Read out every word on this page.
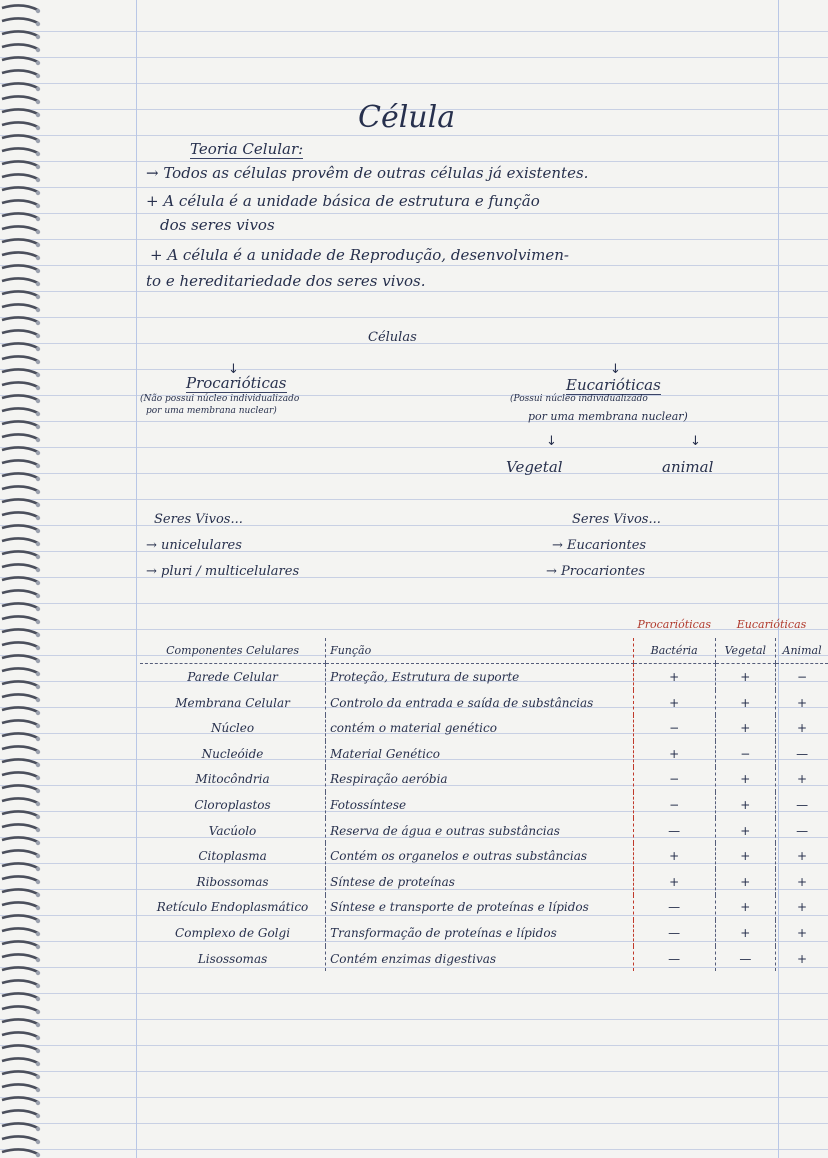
Célula
Teoria Celular:
→ Todos as células provêm de outras células já existentes.
+ A célula é a unidade básica de estrutura e função
dos seres vivos
+ A célula é a unidade de Reprodução, desenvolvimen-
to e hereditariedade dos seres vivos.
Células
↓
Procarióticas
(Não possui núcleo individualizado
por uma membrana nuclear)
↓
Eucarióticas
(Possui núcleo individualizado
por uma membrana nuclear)
↓	↓
Vegetal	animal
Seres Vivos...
→ unicelulares
→ pluri / multicelulares
Seres Vivos...
→ Eucariontes
→ Procariontes
		Procarióticas	Eucarióticas	
Componentes Celulares	Função	Bactéria	Vegetal	Animal
Parede Celular	Proteção, Estrutura de suporte	+	+	−
Membrana Celular	Controlo da entrada e saída de substâncias	+	+	+
Núcleo	contém o material genético	−	+	+
Nucleóide	Material Genético	+	−	—
Mitocôndria	Respiração aeróbia	−	+	+
Cloroplastos	Fotossíntese	−	+	—
Vacúolo	Reserva de água e outras substâncias	—	+	—
Citoplasma	Contém os organelos e outras substâncias	+	+	+
Ribossomas	Síntese de proteínas	+	+	+
Retículo Endoplasmático	Síntese e transporte de proteínas e lípidos	—	+	+
Complexo de Golgi	Transformação de proteínas e lípidos	—	+	+
Lisossomas	Contém enzimas digestivas	—	—	+
